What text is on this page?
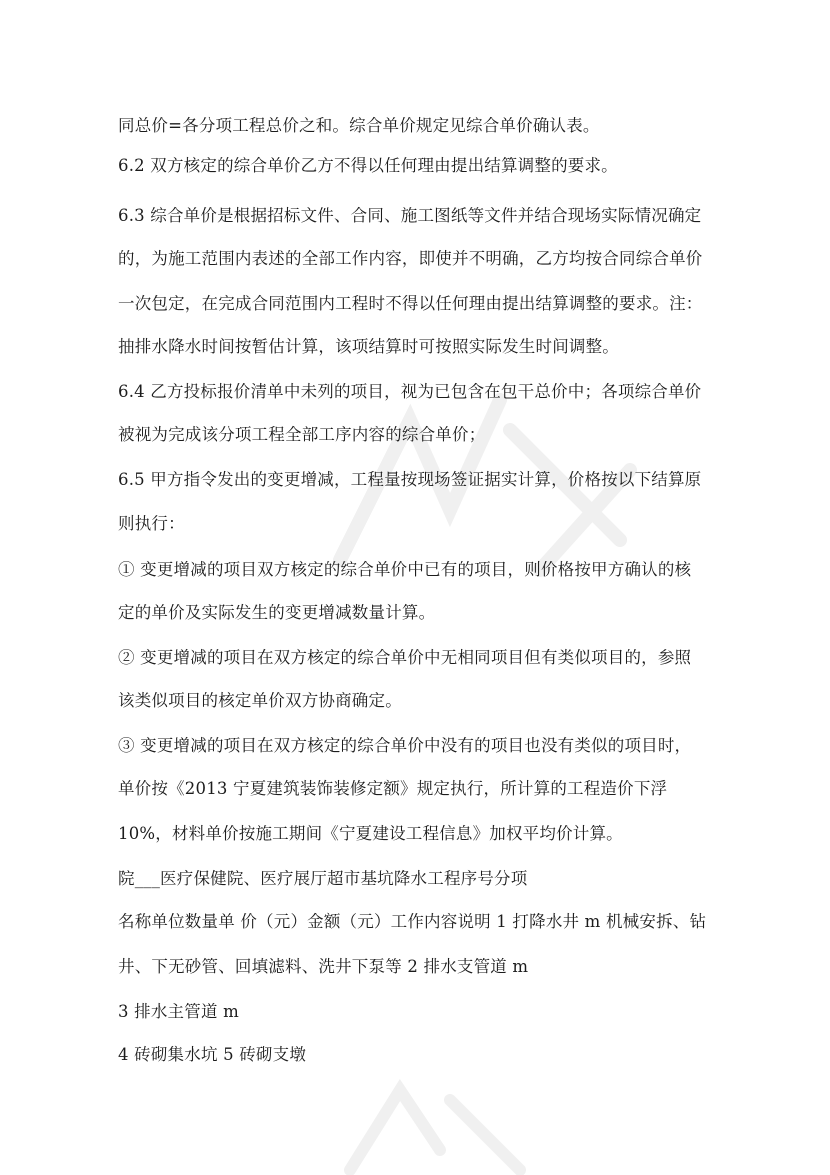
同总价=各分项工程总价之和。综合单价规定见综合单价确认表。
6.2 双方核定的综合单价乙方不得以任何理由提出结算调整的要求。
6.3 综合单价是根据招标文件、合同、施工图纸等文件并结合现场实际情况确定
的，为施工范围内表述的全部工作内容，即使并不明确，乙方均按合同综合单价
一次包定，在完成合同范围内工程时不得以任何理由提出结算调整的要求。注：
抽排水降水时间按暂估计算，该项结算时可按照实际发生时间调整。
6.4 乙方投标报价清单中未列的项目，视为已包含在包干总价中；各项综合单价
被视为完成该分项工程全部工序内容的综合单价；
6.5 甲方指令发出的变更增减，工程量按现场签证据实计算，价格按以下结算原
则执行：
① 变更增减的项目双方核定的综合单价中已有的项目，则价格按甲方确认的核
定的单价及实际发生的变更增减数量计算。
② 变更增减的项目在双方核定的综合单价中无相同项目但有类似项目的，参照
该类似项目的核定单价双方协商确定。
③ 变更增减的项目在双方核定的综合单价中没有的项目也没有类似的项目时，
单价按《2013 宁夏建筑装饰装修定额》规定执行，所计算的工程造价下浮
10%，材料单价按施工期间《宁夏建设工程信息》加权平均价计算。
院___医疗保健院、医疗展厅超市基坑降水工程序号分项
名称单位数量单 价（元）金额（元）工作内容说明 1 打降水井 m 机械安拆、钻
井、下无砂管、回填滤料、洗井下泵等 2 排水支管道 m
3 排水主管道 m
4 砖砌集水坑 5 砖砌支墩
